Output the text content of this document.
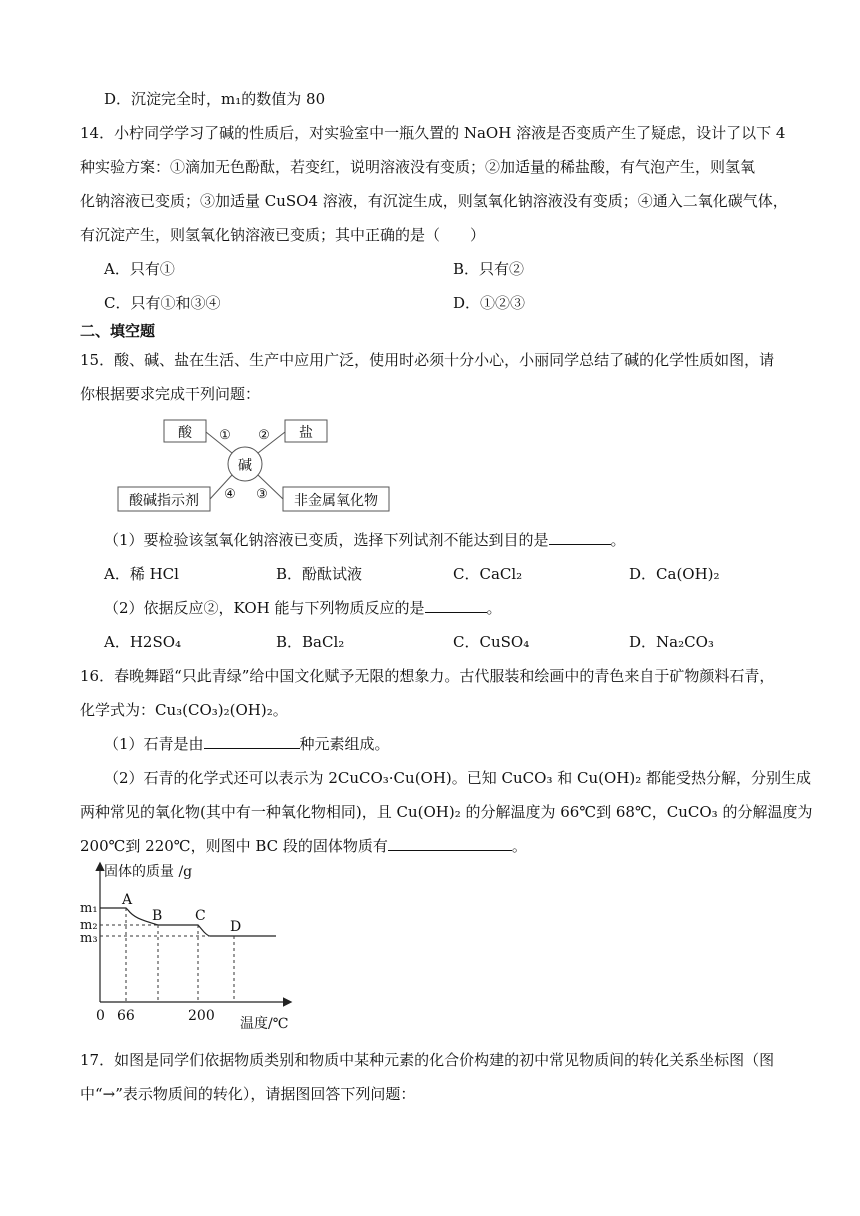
D．沉淀完全时，m₁的数值为 80
14．小柠同学学习了碱的性质后，对实验室中一瓶久置的 NaOH 溶液是否变质产生了疑虑，设计了以下 4
种实验方案：①滴加无色酚酞，若变红，说明溶液没有变质；②加适量的稀盐酸，有气泡产生，则氢氧
化钠溶液已变质；③加适量 CuSO4 溶液，有沉淀生成，则氢氧化钠溶液没有变质；④通入二氧化碳气体，
有沉淀产生，则氢氧化钠溶液已变质；其中正确的是（　　）
A．只有①	B．只有②
C．只有①和③④	D．①②③
二、填空题
15．酸、碱、盐在生活、生产中应用广泛，使用时必须十分小心，小丽同学总结了碱的化学性质如图，请
你根据要求完成干列问题：
酸	盐
酸碱指示剂	非金属氧化物
碱
① ②
④ ③
（1）要检验该氢氧化钠溶液已变质，选择下列试剂不能达到目的是	。
A．稀 HCl	B．酚酞试液	C．CaCl₂	D．Ca(OH)₂
（2）依据反应②，KOH 能与下列物质反应的是	。
A．H2SO₄	B．BaCl₂	C．CuSO₄	D．Na₂CO₃
16．春晚舞蹈“只此青绿”给中国文化赋予无限的想象力。古代服装和绘画中的青色来自于矿物颜料石青，
化学式为：Cu₃(CO₃)₂(OH)₂。
（1）石青是由	种元素组成。
（2）石青的化学式还可以表示为 2CuCO₃·Cu(OH)。已知 CuCO₃ 和 Cu(OH)₂ 都能受热分解，分别生成
两种常见的氧化物(其中有一种氧化物相同)，且 Cu(OH)₂ 的分解温度为 66℃到 68℃，CuCO₃ 的分解温度为
200℃到 220℃，则图中 BC 段的固体物质有	。
固体的质量 /g
温度/℃
m₁
m₂
m₃
A
B C
D
0 66	200
17．如图是同学们依据物质类别和物质中某种元素的化合价构建的初中常见物质间的转化关系坐标图（图
中“→”表示物质间的转化），请据图回答下列问题：
